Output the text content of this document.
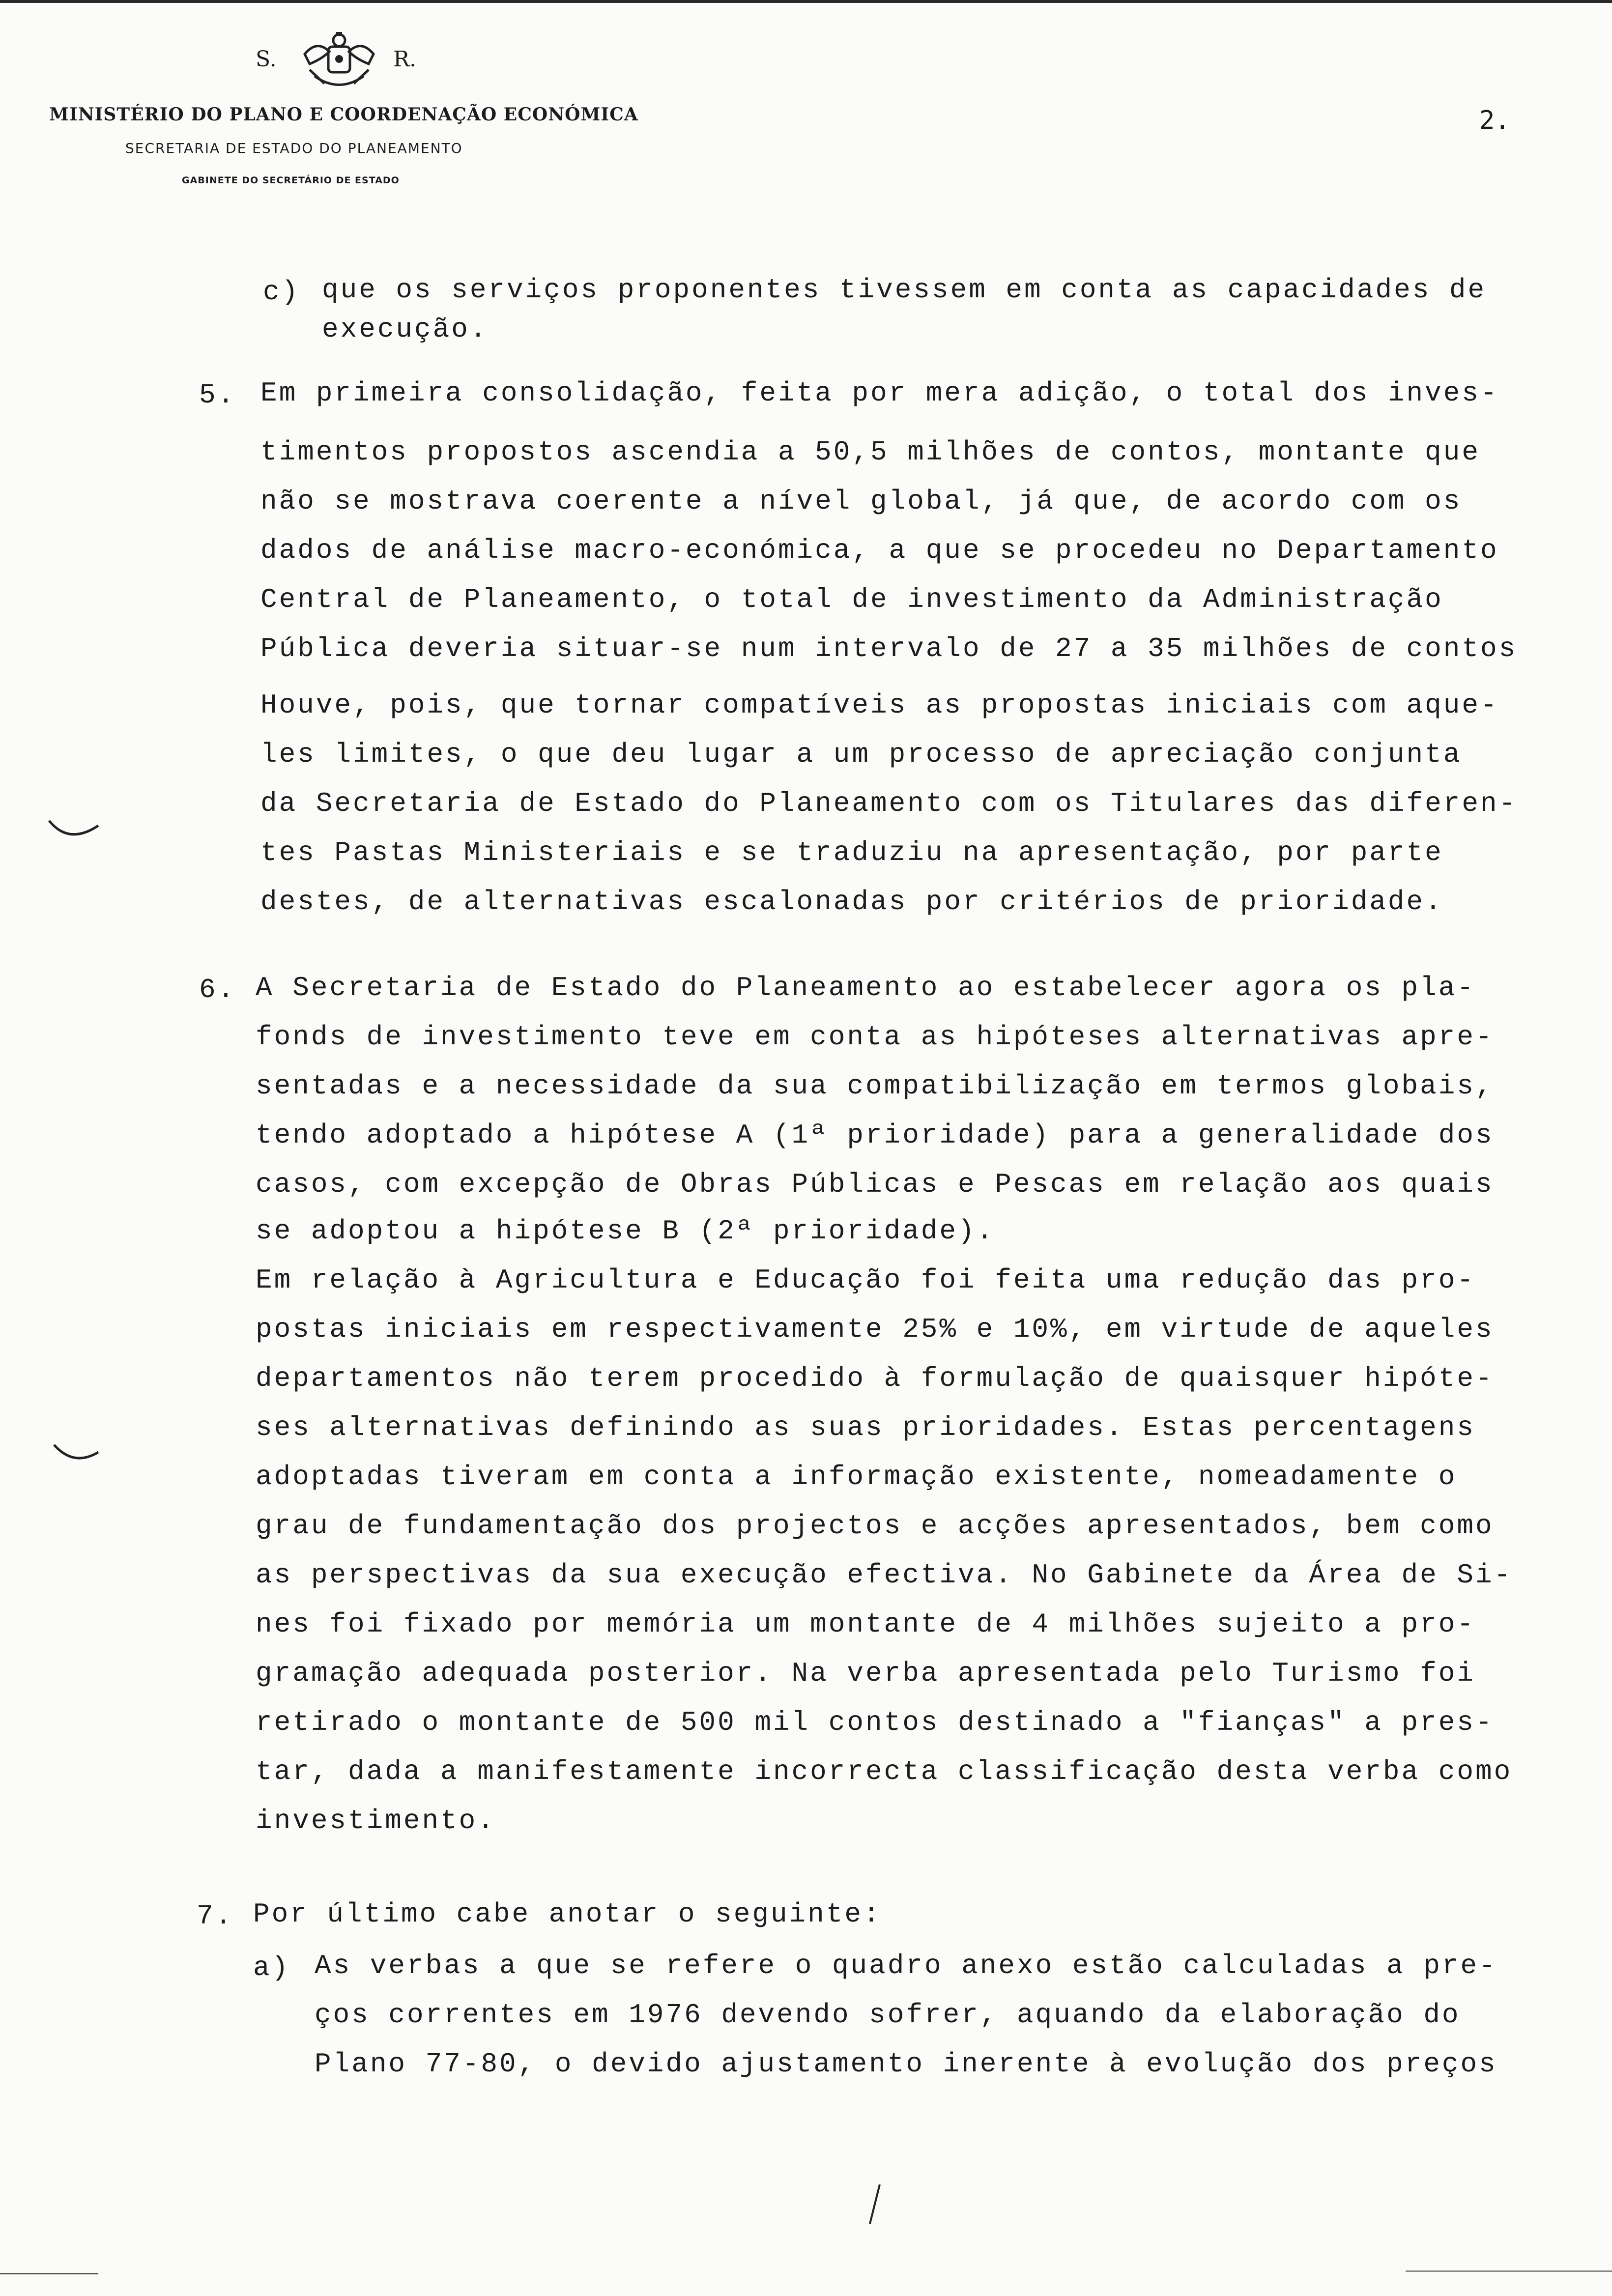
S.	R.
MINISTÉRIO DO PLANO E COORDENAÇÃO ECONÓMICA
SECRETARIA DE ESTADO DO PLANEAMENTO
GABINETE DO SECRETÁRIO DE ESTADO
2.
c) que os serviços proponentes tivessem em conta as capacidades de
execução.
5. Em primeira consolidação, feita por mera adição, o total dos inves-
timentos propostos ascendia a 50,5 milhões de contos, montante que
não se mostrava coerente a nível global, já que, de acordo com os
dados de análise macro-económica, a que se procedeu no Departamento
Central de Planeamento, o total de investimento da Administração
Pública deveria situar-se num intervalo de 27 a 35 milhões de contos
Houve, pois, que tornar compatíveis as propostas iniciais com aque-
les limites, o que deu lugar a um processo de apreciação conjunta
da Secretaria de Estado do Planeamento com os Titulares das diferen-
tes Pastas Ministeriais e se traduziu na apresentação, por parte
destes, de alternativas escalonadas por critérios de prioridade.
6. A Secretaria de Estado do Planeamento ao estabelecer agora os pla-
fonds de investimento teve em conta as hipóteses alternativas apre-
sentadas e a necessidade da sua compatibilização em termos globais,
tendo adoptado a hipótese A (1ª prioridade) para a generalidade dos
casos, com excepção de Obras Públicas e Pescas em relação aos quais
se adoptou a hipótese B (2ª prioridade).
Em relação à Agricultura e Educação foi feita uma redução das pro-
postas iniciais em respectivamente 25% e 10%, em virtude de aqueles
departamentos não terem procedido à formulação de quaisquer hipóte-
ses alternativas definindo as suas prioridades. Estas percentagens
adoptadas tiveram em conta a informação existente, nomeadamente o
grau de fundamentação dos projectos e acções apresentados, bem como
as perspectivas da sua execução efectiva. No Gabinete da Área de Si-
nes foi fixado por memória um montante de 4 milhões sujeito a pro-
gramação adequada posterior. Na verba apresentada pelo Turismo foi
retirado o montante de 500 mil contos destinado a "fianças" a pres-
tar, dada a manifestamente incorrecta classificação desta verba como
investimento.
7. Por último cabe anotar o seguinte:
a) As verbas a que se refere o quadro anexo estão calculadas a pre-
ços correntes em 1976 devendo sofrer, aquando da elaboração do
Plano 77-80, o devido ajustamento inerente à evolução dos preços
